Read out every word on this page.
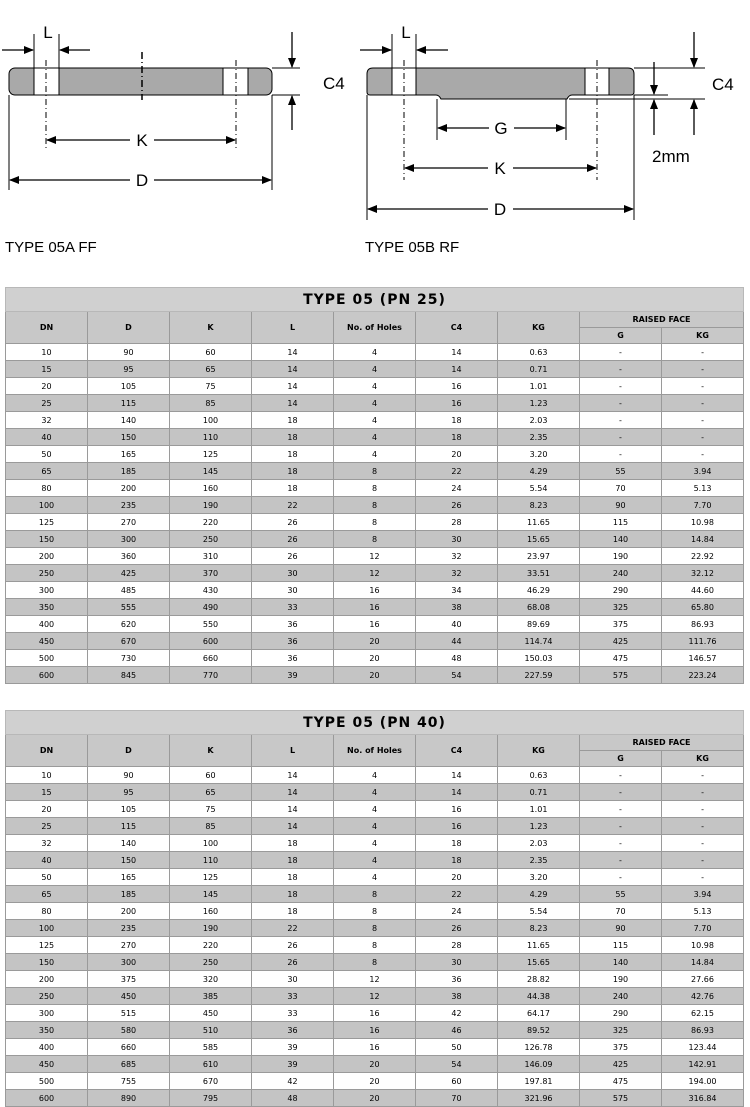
L
C4
K
D
L
C4
2mm
G
K
D
TYPE 05A FF	TYPE 05B RF
TYPE 05 (PN 25)								
DN	D	K	L	No. of Holes	C4	KG	RAISED FACE	
							G	KG
10	90	60	14	4	14	0.63	-	-
15	95	65	14	4	14	0.71	-	-
20	105	75	14	4	16	1.01	-	-
25	115	85	14	4	16	1.23	-	-
32	140	100	18	4	18	2.03	-	-
40	150	110	18	4	18	2.35	-	-
50	165	125	18	4	20	3.20	-	-
65	185	145	18	8	22	4.29	55	3.94
80	200	160	18	8	24	5.54	70	5.13
100	235	190	22	8	26	8.23	90	7.70
125	270	220	26	8	28	11.65	115	10.98
150	300	250	26	8	30	15.65	140	14.84
200	360	310	26	12	32	23.97	190	22.92
250	425	370	30	12	32	33.51	240	32.12
300	485	430	30	16	34	46.29	290	44.60
350	555	490	33	16	38	68.08	325	65.80
400	620	550	36	16	40	89.69	375	86.93
450	670	600	36	20	44	114.74	425	111.76
500	730	660	36	20	48	150.03	475	146.57
600	845	770	39	20	54	227.59	575	223.24
TYPE 05 (PN 40)								
DN	D	K	L	No. of Holes	C4	KG	RAISED FACE	
							G	KG
10	90	60	14	4	14	0.63	-	-
15	95	65	14	4	14	0.71	-	-
20	105	75	14	4	16	1.01	-	-
25	115	85	14	4	16	1.23	-	-
32	140	100	18	4	18	2.03	-	-
40	150	110	18	4	18	2.35	-	-
50	165	125	18	4	20	3.20	-	-
65	185	145	18	8	22	4.29	55	3.94
80	200	160	18	8	24	5.54	70	5.13
100	235	190	22	8	26	8.23	90	7.70
125	270	220	26	8	28	11.65	115	10.98
150	300	250	26	8	30	15.65	140	14.84
200	375	320	30	12	36	28.82	190	27.66
250	450	385	33	12	38	44.38	240	42.76
300	515	450	33	16	42	64.17	290	62.15
350	580	510	36	16	46	89.52	325	86.93
400	660	585	39	16	50	126.78	375	123.44
450	685	610	39	20	54	146.09	425	142.91
500	755	670	42	20	60	197.81	475	194.00
600	890	795	48	20	70	321.96	575	316.84
